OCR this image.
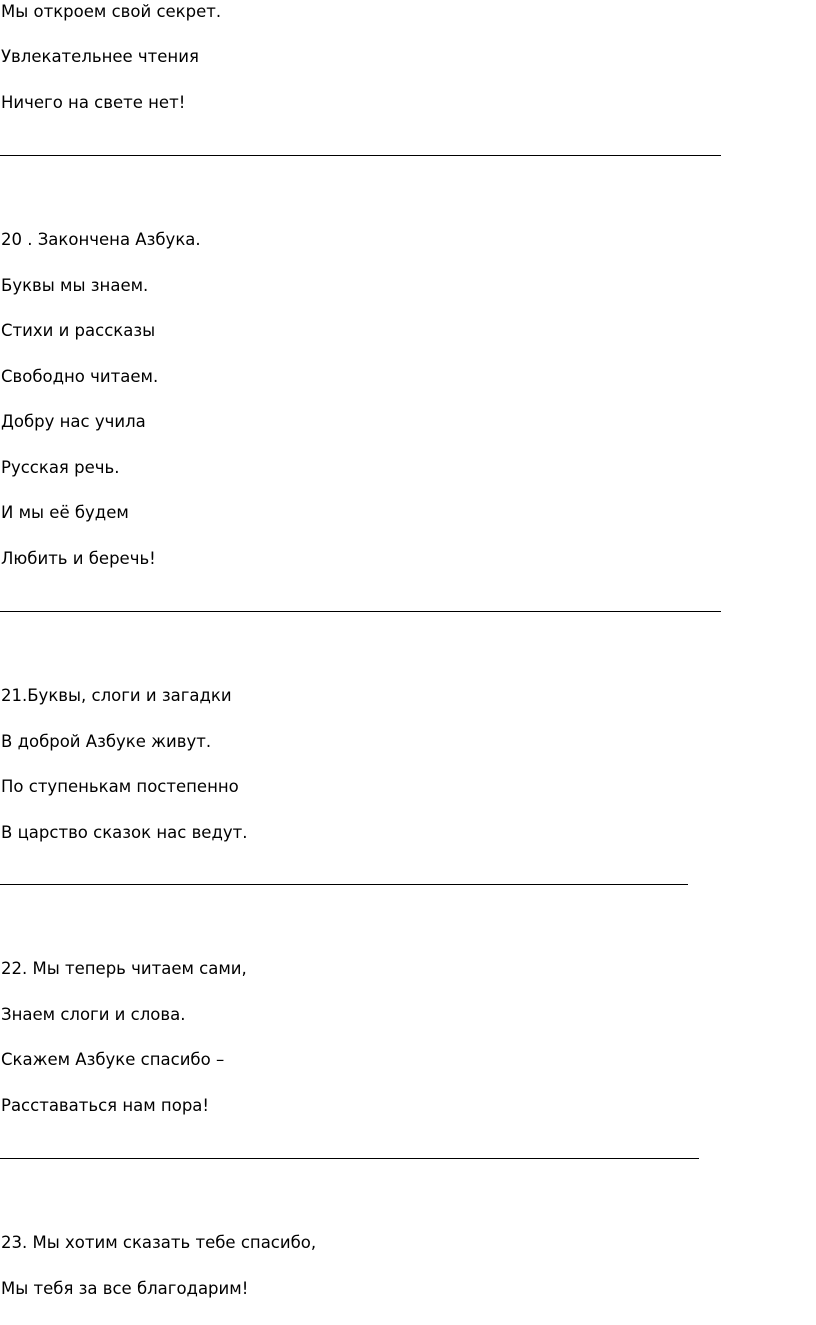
Мы откроем свой секрет.
Увлекательнее чтения
Ничего на свете нет!
20 . Закончена Азбука.
Буквы мы знаем.
Стихи и рассказы
Свободно читаем.
Добру нас учила
Русская речь.
И мы её будем
Любить и беречь!
21.Буквы, слоги и загадки
В доброй Азбуке живут.
По ступенькам постепенно
В царство сказок нас ведут.
22. Мы теперь читаем сами,
Знаем слоги и слова.
Скажем Азбуке спасибо –
Расставаться нам пора!
23. Мы хотим сказать тебе спасибо,
Мы тебя за все благодарим!
